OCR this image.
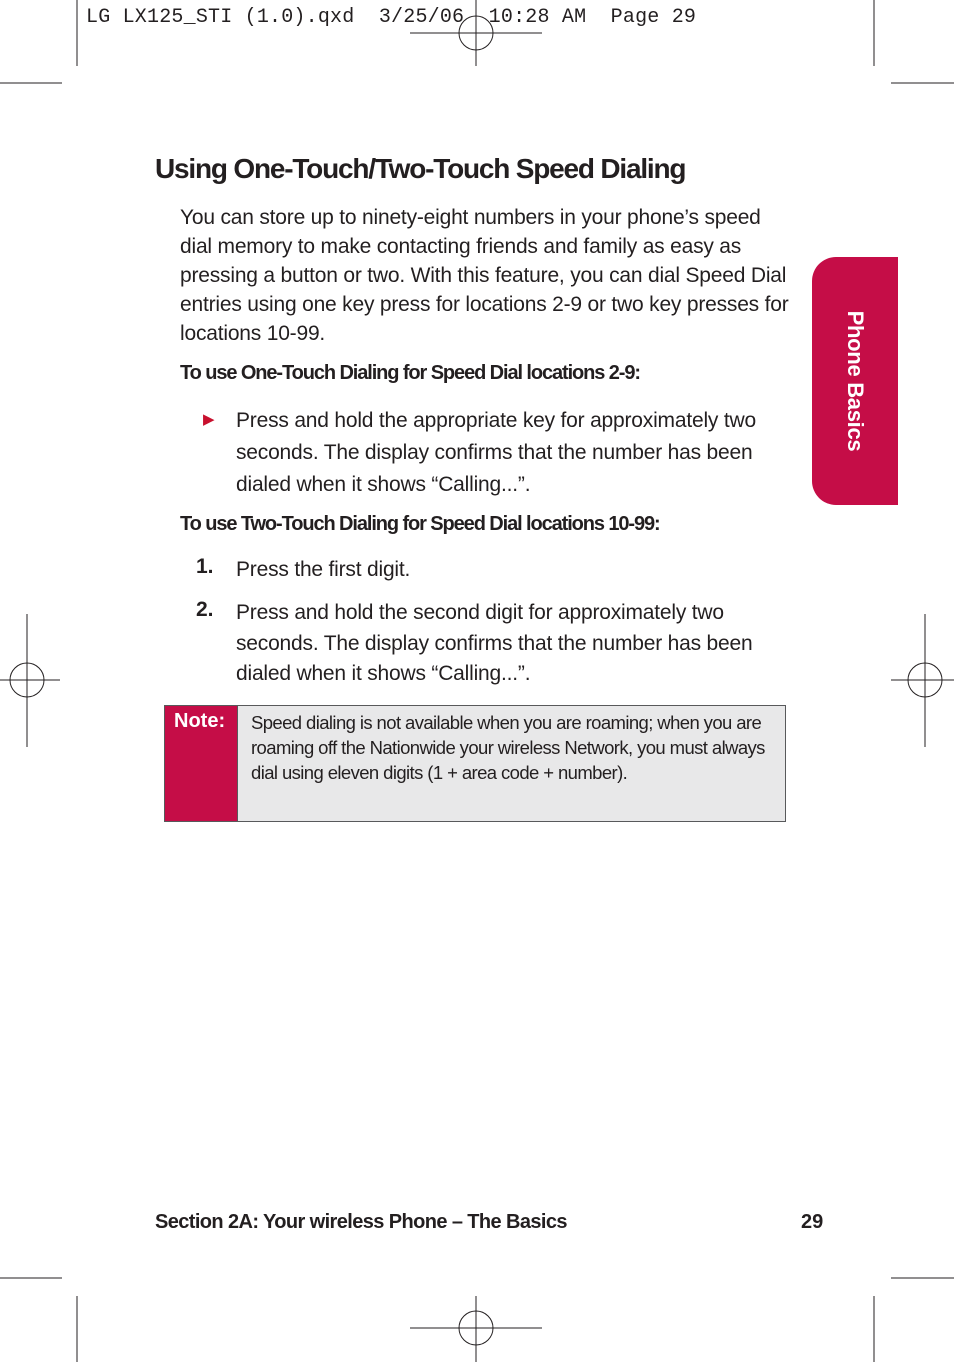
LG LX125_STI (1.0).qxd  3/25/06  10:28 AM  Page 29
Phone Basics
Using One-Touch/Two-Touch Speed Dialing

You can store up to ninety-eight numbers in your phone’s speed dial memory to make contacting friends and family as easy as pressing a button or two. With this feature, you can dial Speed Dial entries using one key press for locations 2-9 or two key presses for locations 10-99.

To use One-Touch Dialing for Speed Dial locations 2-9:
▶ Press and hold the appropriate key for approximately two seconds. The display confirms that the number has been dialed when it shows “Calling...”.

To use Two-Touch Dialing for Speed Dial locations 10-99:
1. Press the first digit.

2. Press and hold the second digit for approximately two seconds. The display confirms that the number has been dialed when it shows “Calling...”.

Note: Speed dialing is not available when you are roaming; when you are roaming off the Nationwide your wireless Network, you must always dial using eleven digits (1 + area code + number).

Section 2A: Your wireless Phone – The Basics	29
